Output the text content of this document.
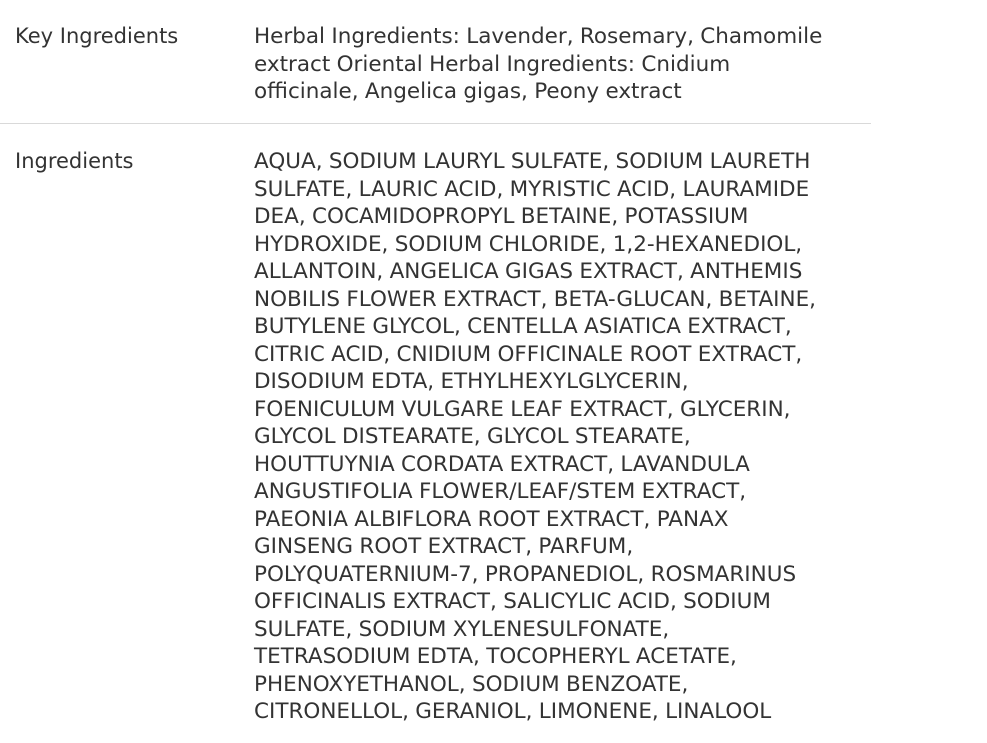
Key Ingredients	Herbal Ingredients: Lavender, Rosemary, Chamomile
extract Oriental Herbal Ingredients: Cnidium
officinale, Angelica gigas, Peony extract
Ingredients	AQUA, SODIUM LAURYL SULFATE, SODIUM LAURETH
SULFATE, LAURIC ACID, MYRISTIC ACID, LAURAMIDE
DEA, COCAMIDOPROPYL BETAINE, POTASSIUM
HYDROXIDE, SODIUM CHLORIDE, 1,2-HEXANEDIOL,
ALLANTOIN, ANGELICA GIGAS EXTRACT, ANTHEMIS
NOBILIS FLOWER EXTRACT, BETA-GLUCAN, BETAINE,
BUTYLENE GLYCOL, CENTELLA ASIATICA EXTRACT,
CITRIC ACID, CNIDIUM OFFICINALE ROOT EXTRACT,
DISODIUM EDTA, ETHYLHEXYLGLYCERIN,
FOENICULUM VULGARE LEAF EXTRACT, GLYCERIN,
GLYCOL DISTEARATE, GLYCOL STEARATE,
HOUTTUYNIA CORDATA EXTRACT, LAVANDULA
ANGUSTIFOLIA FLOWER/LEAF/STEM EXTRACT,
PAEONIA ALBIFLORA ROOT EXTRACT, PANAX
GINSENG ROOT EXTRACT, PARFUM,
POLYQUATERNIUM-7, PROPANEDIOL, ROSMARINUS
OFFICINALIS EXTRACT, SALICYLIC ACID, SODIUM
SULFATE, SODIUM XYLENESULFONATE,
TETRASODIUM EDTA, TOCOPHERYL ACETATE,
PHENOXYETHANOL, SODIUM BENZOATE,
CITRONELLOL, GERANIOL, LIMONENE, LINALOOL
